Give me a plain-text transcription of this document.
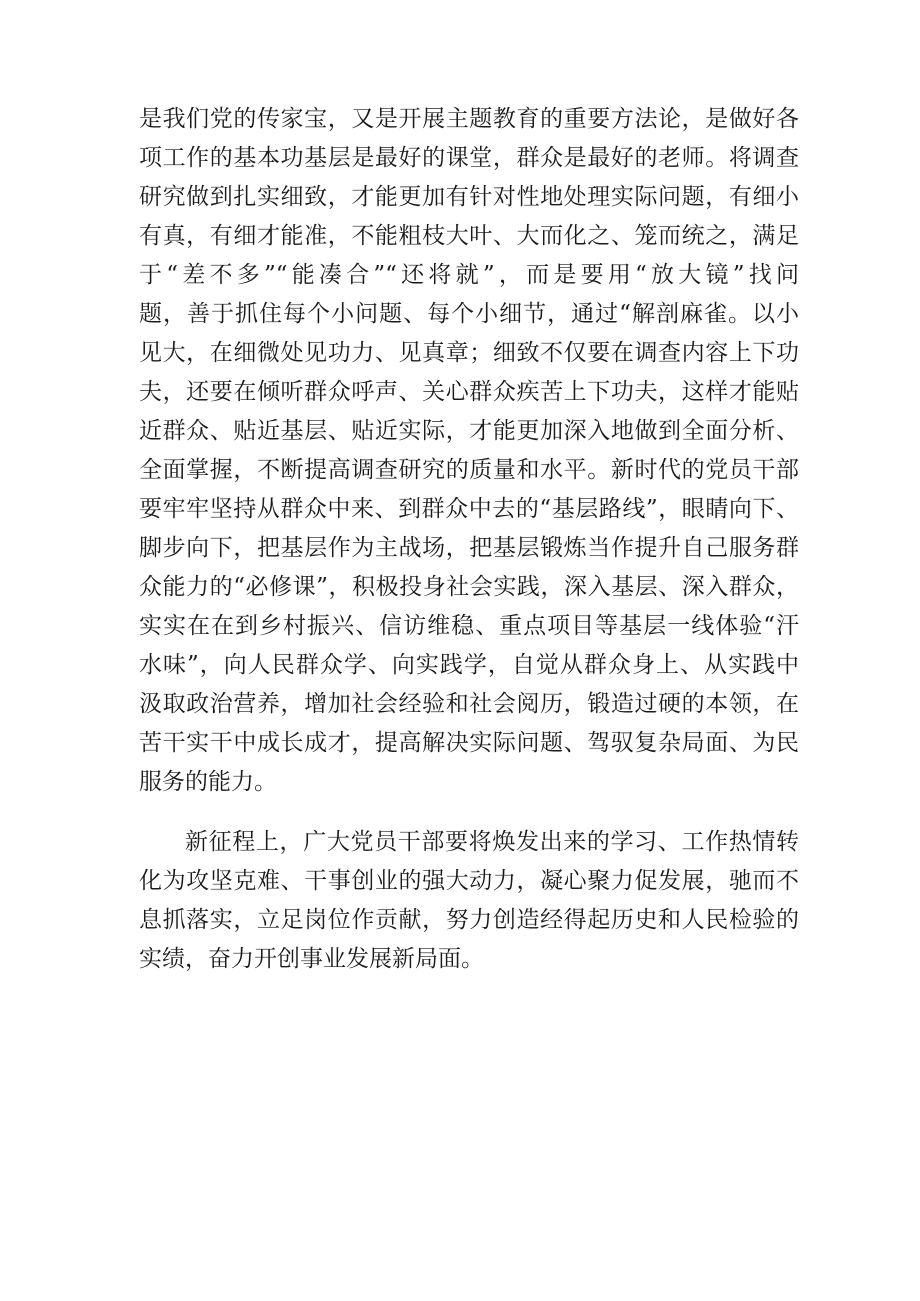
是我们党的传家宝，又是开展主题教育的重要方法论，是做好各
项工作的基本功基层是最好的课堂，群众是最好的老师。将调查
研究做到扎实细致，才能更加有针对性地处理实际问题，有细小
有真，有细才能准，不能粗枝大叶、大而化之、笼而统之，满足
于“差不多”“能凑合”“还将就”，而是要用“放大镜”找问
题，善于抓住每个小问题、每个小细节，通过“解剖麻雀。以小
见大，在细微处见功力、见真章；细致不仅要在调查内容上下功
夫，还要在倾听群众呼声、关心群众疾苦上下功夫，这样才能贴
近群众、贴近基层、贴近实际，才能更加深入地做到全面分析、
全面掌握，不断提高调查研究的质量和水平。新时代的党员干部
要牢牢坚持从群众中来、到群众中去的“基层路线”，眼睛向下、
脚步向下，把基层作为主战场，把基层锻炼当作提升自己服务群
众能力的“必修课”，积极投身社会实践，深入基层、深入群众，
实实在在到乡村振兴、信访维稳、重点项目等基层一线体验“汗
水味”，向人民群众学、向实践学，自觉从群众身上、从实践中
汲取政治营养，增加社会经验和社会阅历，锻造过硬的本领，在
苦干实干中成长成才，提高解决实际问题、驾驭复杂局面、为民
服务的能力。
新征程上，广大党员干部要将焕发出来的学习、工作热情转
化为攻坚克难、干事创业的强大动力，凝心聚力促发展，驰而不
息抓落实，立足岗位作贡献，努力创造经得起历史和人民检验的
实绩，奋力开创事业发展新局面。
